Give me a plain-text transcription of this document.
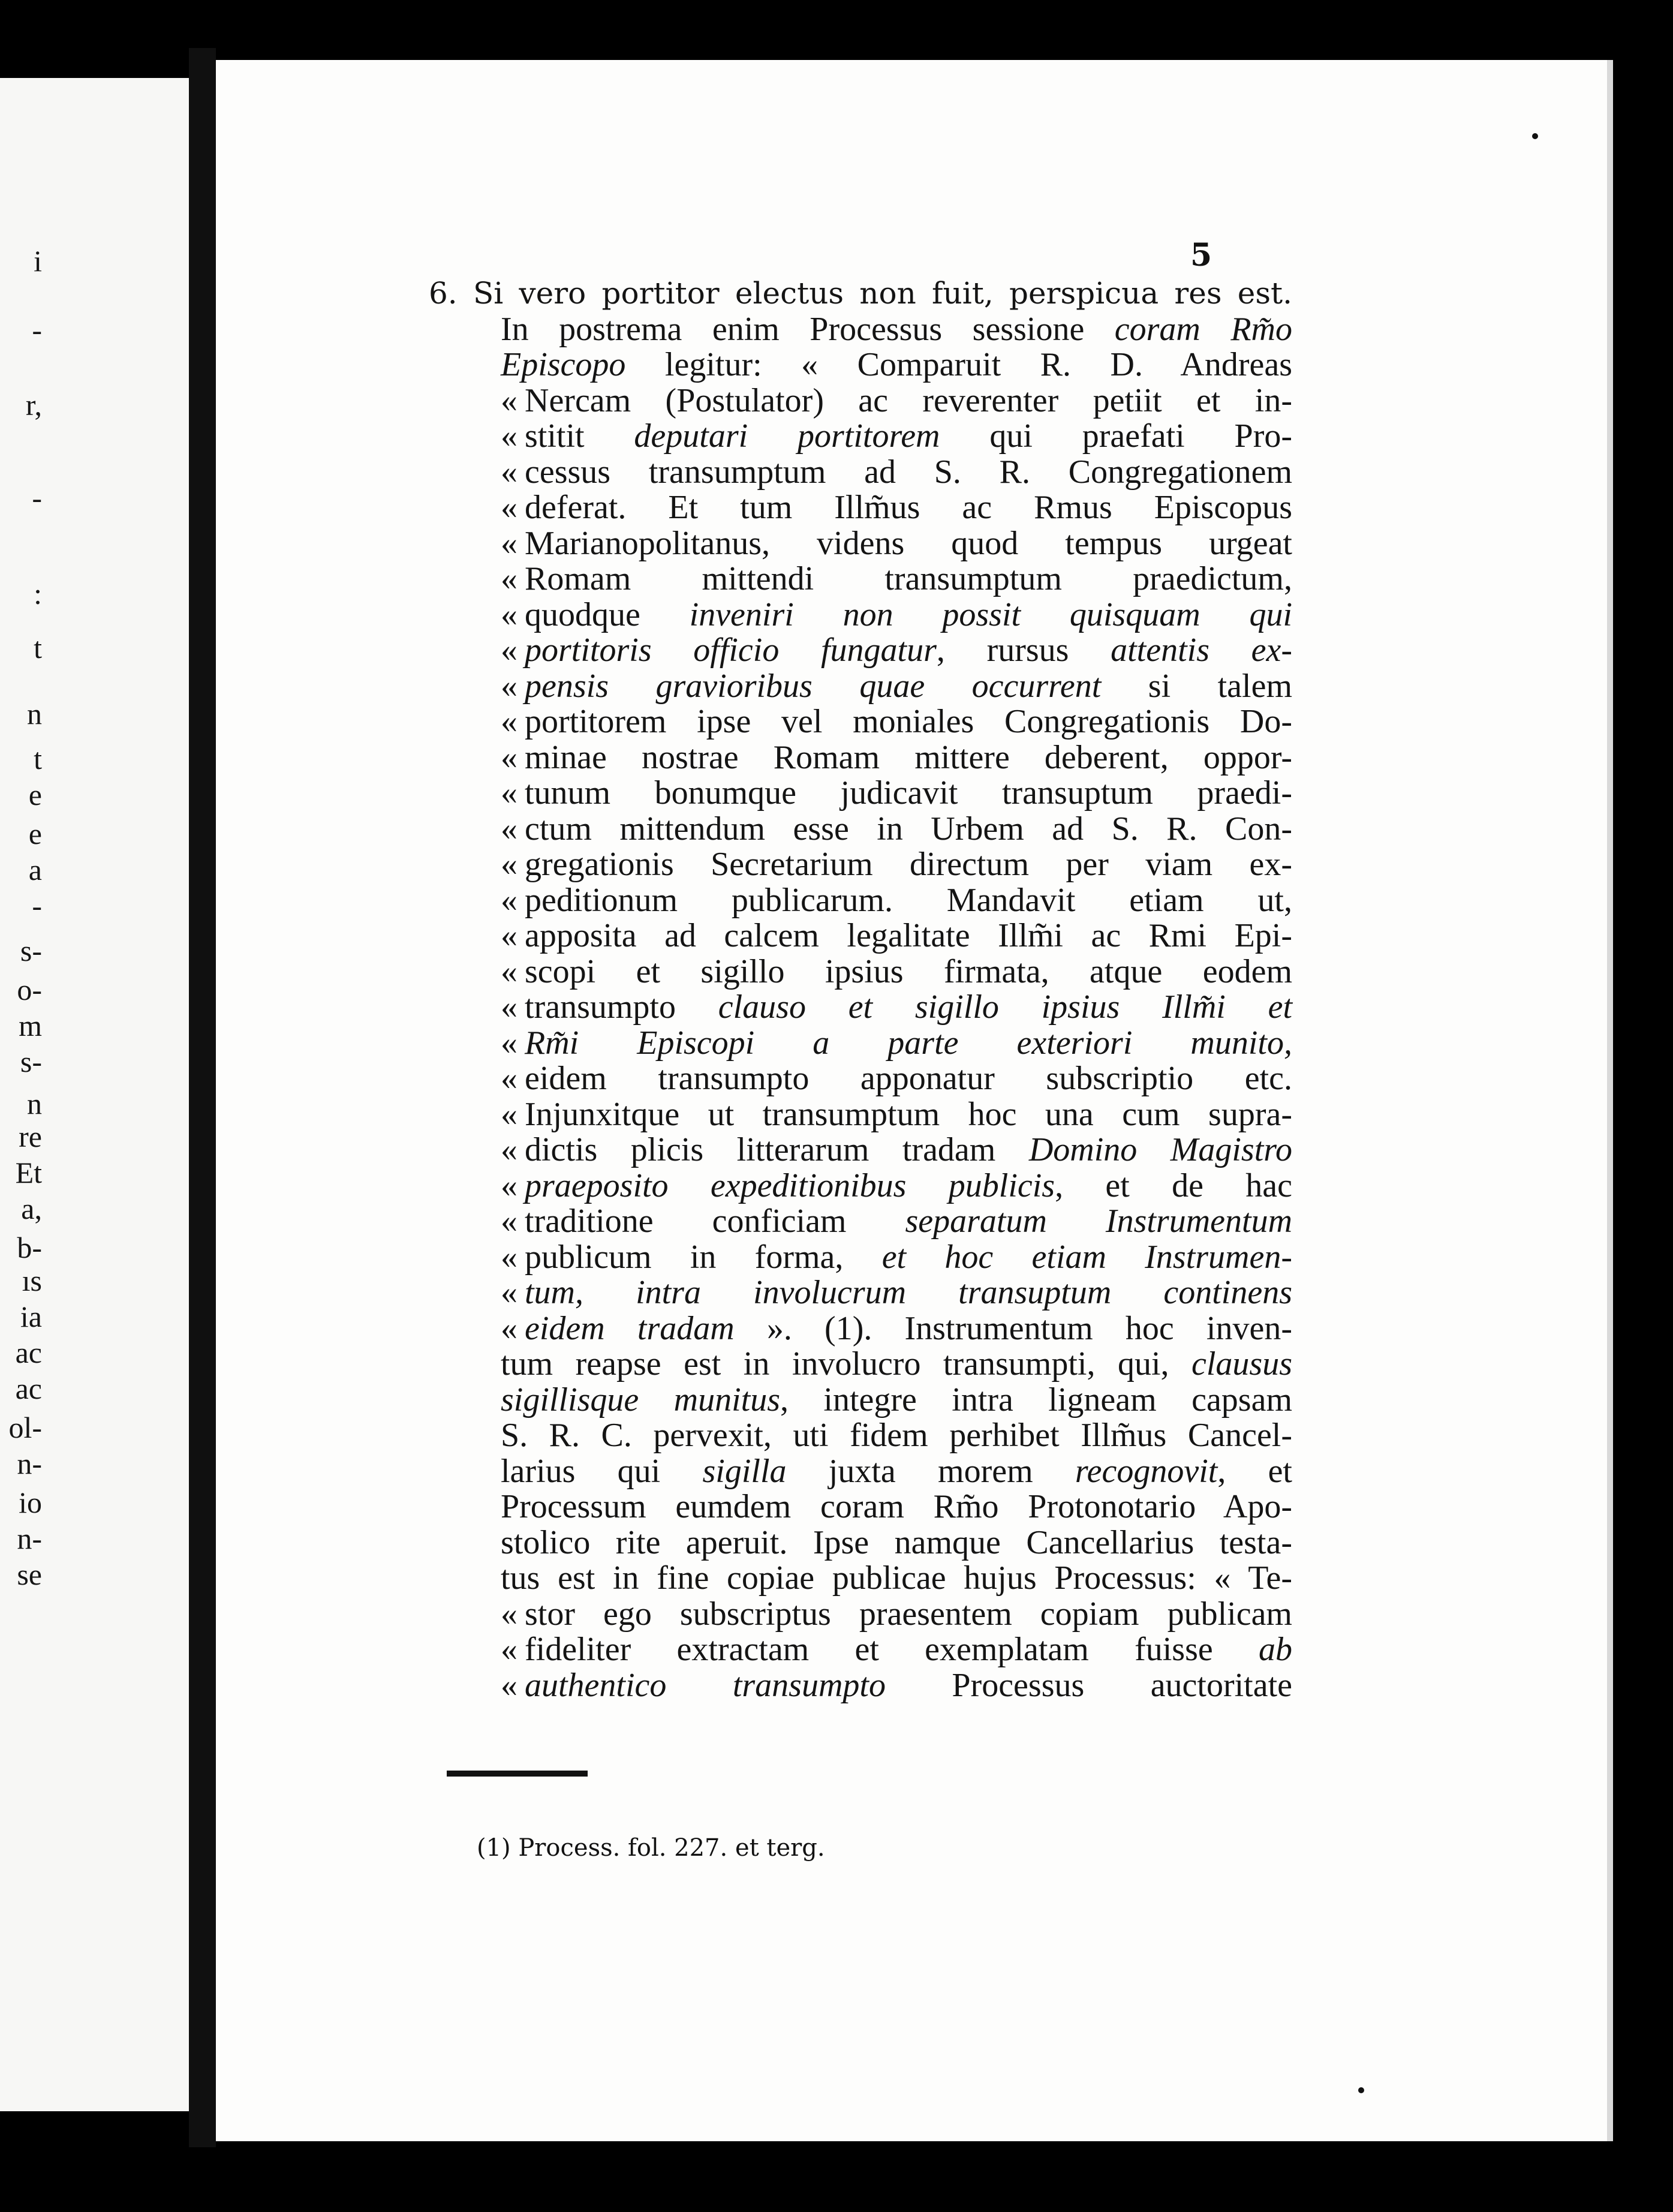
i
-
r,
-
:
t
n
t
e
e
a
-
s-
o-
m
s-
n
re
Et
a,
b-
ıs
ia
ac
ac
ol-
n-
io
n-
se
5
6. Si vero portitor electus non fuit, perspicua res est.
In postrema enim Processus sessione coram Rm̃o
Episcopo legitur: « Comparuit R. D. Andreas
« Nercam (Postulator) ac reverenter petiit et in-
« stitit deputari portitorem qui praefati Pro-
« cessus transumptum ad S. R. Congregationem
« deferat. Et tum Illm̃us ac Rmus Episcopus
« Marianopolitanus, videns quod tempus urgeat
« Romam mittendi transumptum praedictum,
« quodque inveniri non possit quisquam qui
« portitoris officio fungatur, rursus attentis ex-
« pensis gravioribus quae occurrent si talem
« portitorem ipse vel moniales Congregationis Do-
« minae nostrae Romam mittere deberent, oppor-
« tunum bonumque judicavit transuptum praedi-
« ctum mittendum esse in Urbem ad S. R. Con-
« gregationis Secretarium directum per viam ex-
« peditionum publicarum. Mandavit etiam ut,
« apposita ad calcem legalitate Illm̃i ac Rmi Epi-
« scopi et sigillo ipsius firmata, atque eodem
« transumpto clauso et sigillo ipsius Illm̃i et
« Rm̃i Episcopi a parte exteriori munito,
« eidem transumpto apponatur subscriptio etc.
« Injunxitque ut transumptum hoc una cum supra-
« dictis plicis litterarum tradam Domino Magistro
« praeposito expeditionibus publicis, et de hac
« traditione conficiam separatum Instrumentum
« publicum in forma, et hoc etiam Instrumen-
« tum, intra involucrum transuptum continens
« eidem tradam ». (1). Instrumentum hoc inven-
tum reapse est in involucro transumpti, qui, clausus
sigillisque munitus, integre intra ligneam capsam
S. R. C. pervexit, uti fidem perhibet Illm̃us Cancel-
larius qui sigilla juxta morem recognovit, et
Processum eumdem coram Rm̃o Protonotario Apo-
stolico rite aperuit. Ipse namque Cancellarius testa-
tus est in fine copiae publicae hujus Processus: « Te-
« stor ego subscriptus praesentem copiam publicam
« fideliter extractam et exemplatam fuisse ab
« authentico transumpto Processus auctoritate
(1) Process. fol. 227. et terg.
